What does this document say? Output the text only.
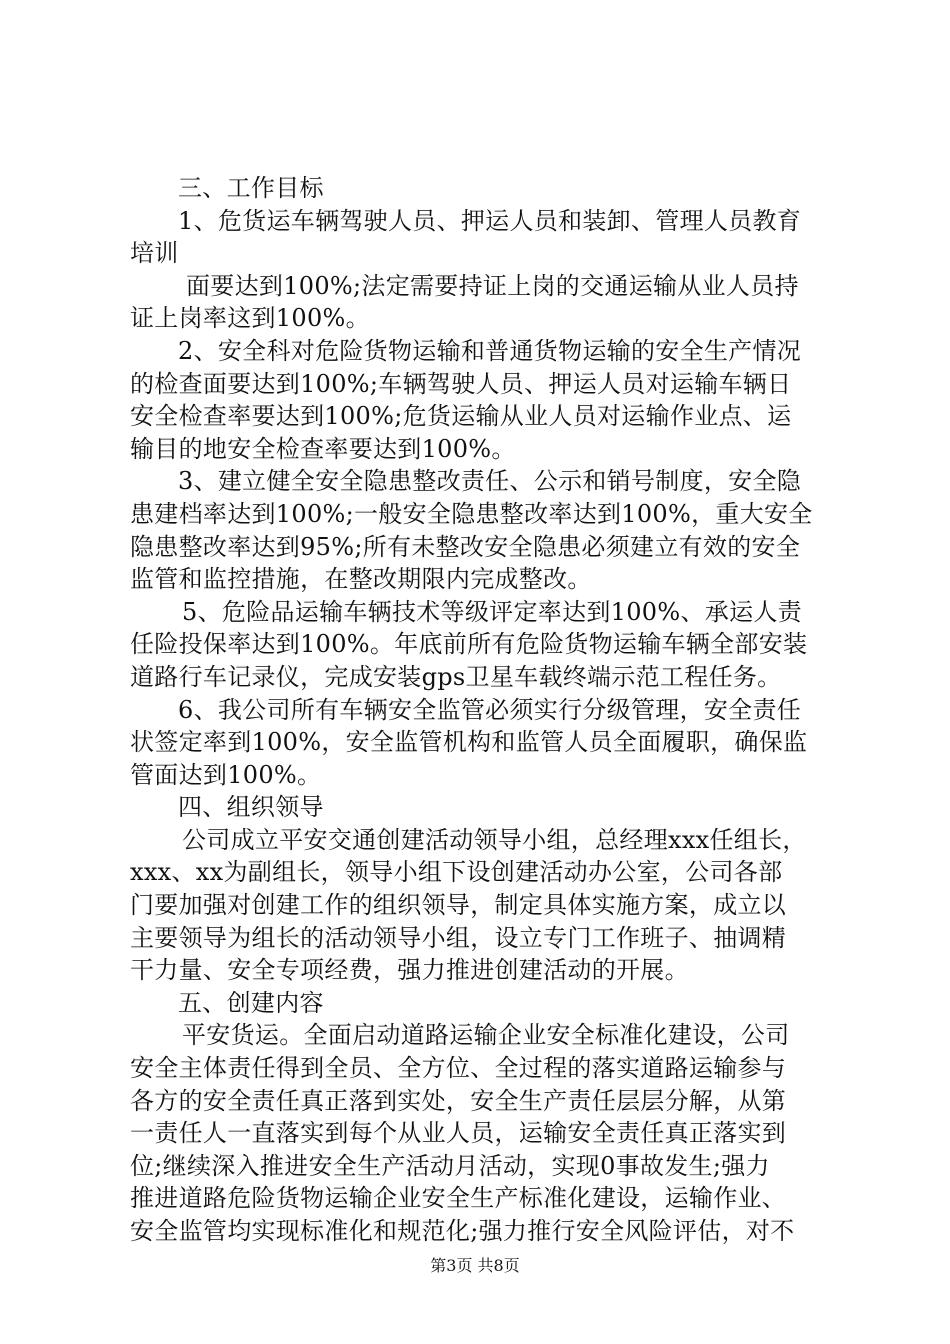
三、工作目标
1、危货运车辆驾驶人员、押运人员和装卸、管理人员教育
培训
面要达到100%;法定需要持证上岗的交通运输从业人员持
证上岗率这到100%。
2、安全科对危险货物运输和普通货物运输的安全生产情况
的检查面要达到100%;车辆驾驶人员、押运人员对运输车辆日
安全检查率要达到100%;危货运输从业人员对运输作业点、运
输目的地安全检查率要达到100%。
3、建立健全安全隐患整改责任、公示和销号制度，安全隐
患建档率达到100%;一般安全隐患整改率达到100%，重大安全
隐患整改率达到95%;所有未整改安全隐患必须建立有效的安全
监管和监控措施，在整改期限内完成整改。
5、危险品运输车辆技术等级评定率达到100%、承运人责
任险投保率达到100%。年底前所有危险货物运输车辆全部安装
道路行车记录仪，完成安装gps卫星车载终端示范工程任务。
6、我公司所有车辆安全监管必须实行分级管理，安全责任
状签定率到100%，安全监管机构和监管人员全面履职，确保监
管面达到100%。
四、组织领导
公司成立平安交通创建活动领导小组，总经理xxx任组长，
xxx、xx为副组长，领导小组下设创建活动办公室，公司各部
门要加强对创建工作的组织领导，制定具体实施方案，成立以
主要领导为组长的活动领导小组，设立专门工作班子、抽调精
干力量、安全专项经费，强力推进创建活动的开展。
五、创建内容
平安货运。全面启动道路运输企业安全标准化建设，公司
安全主体责任得到全员、全方位、全过程的落实道路运输参与
各方的安全责任真正落到实处，安全生产责任层层分解，从第
一责任人一直落实到每个从业人员，运输安全责任真正落实到
位;继续深入推进安全生产活动月活动，实现0事故发生;强力
推进道路危险货物运输企业安全生产标准化建设，运输作业、
安全监管均实现标准化和规范化;强力推行安全风险评估，对不
第3页 共8页
